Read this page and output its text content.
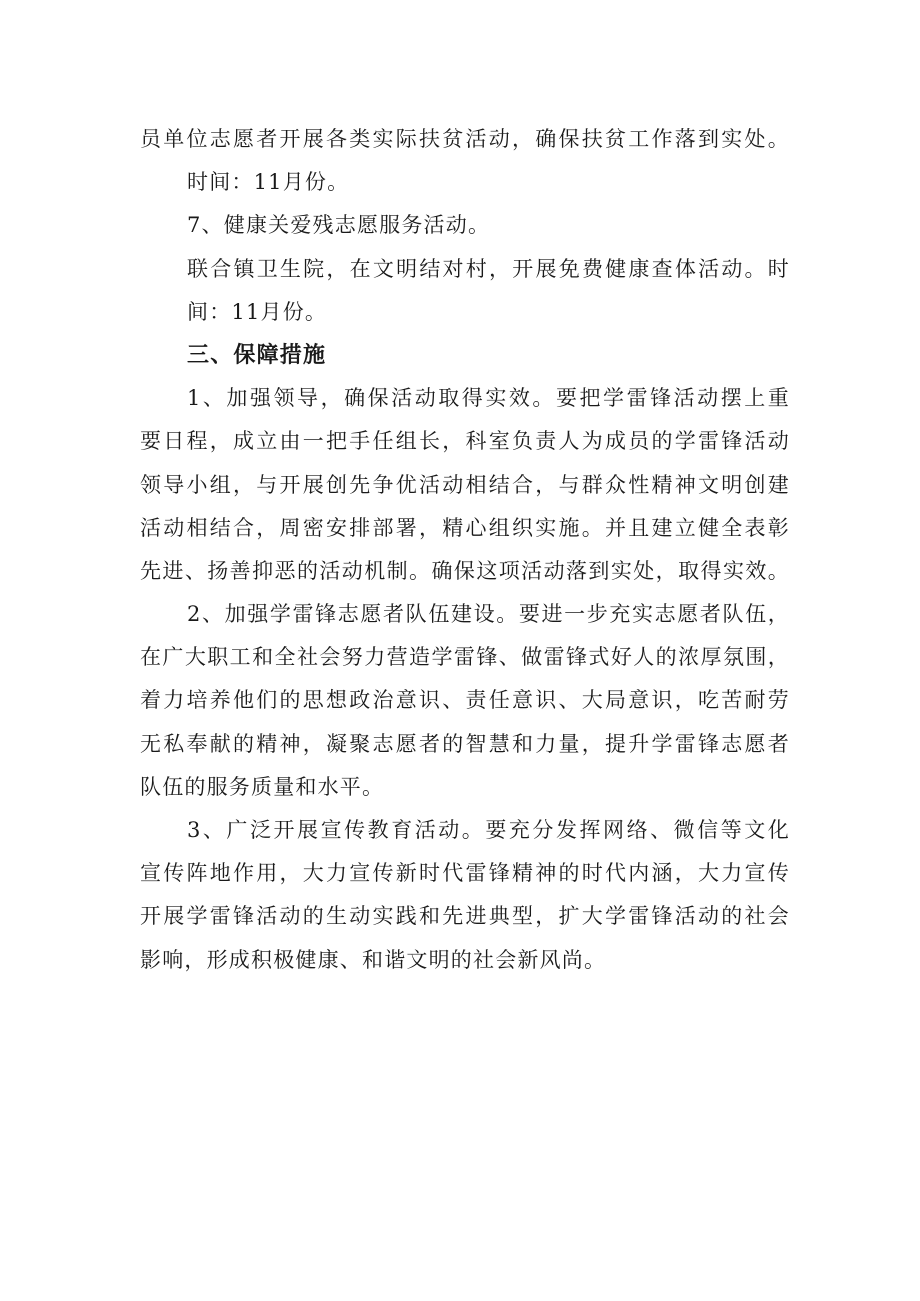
员单位志愿者开展各类实际扶贫活动，确保扶贫工作落到实处。
时间：11月份。
7、健康关爱残志愿服务活动。
联合镇卫生院，在文明结对村，开展免费健康查体活动。时
间：11月份。
三、保障措施
1、加强领导，确保活动取得实效。要把学雷锋活动摆上重
要日程，成立由一把手任组长，科室负责人为成员的学雷锋活动
领导小组，与开展创先争优活动相结合，与群众性精神文明创建
活动相结合，周密安排部署，精心组织实施。并且建立健全表彰
先进、扬善抑恶的活动机制。确保这项活动落到实处，取得实效。
2、加强学雷锋志愿者队伍建设。要进一步充实志愿者队伍，
在广大职工和全社会努力营造学雷锋、做雷锋式好人的浓厚氛围，
着力培养他们的思想政治意识、责任意识、大局意识，吃苦耐劳
无私奉献的精神，凝聚志愿者的智慧和力量，提升学雷锋志愿者
队伍的服务质量和水平。
3、广泛开展宣传教育活动。要充分发挥网络、微信等文化
宣传阵地作用，大力宣传新时代雷锋精神的时代内涵，大力宣传
开展学雷锋活动的生动实践和先进典型，扩大学雷锋活动的社会
影响，形成积极健康、和谐文明的社会新风尚。
